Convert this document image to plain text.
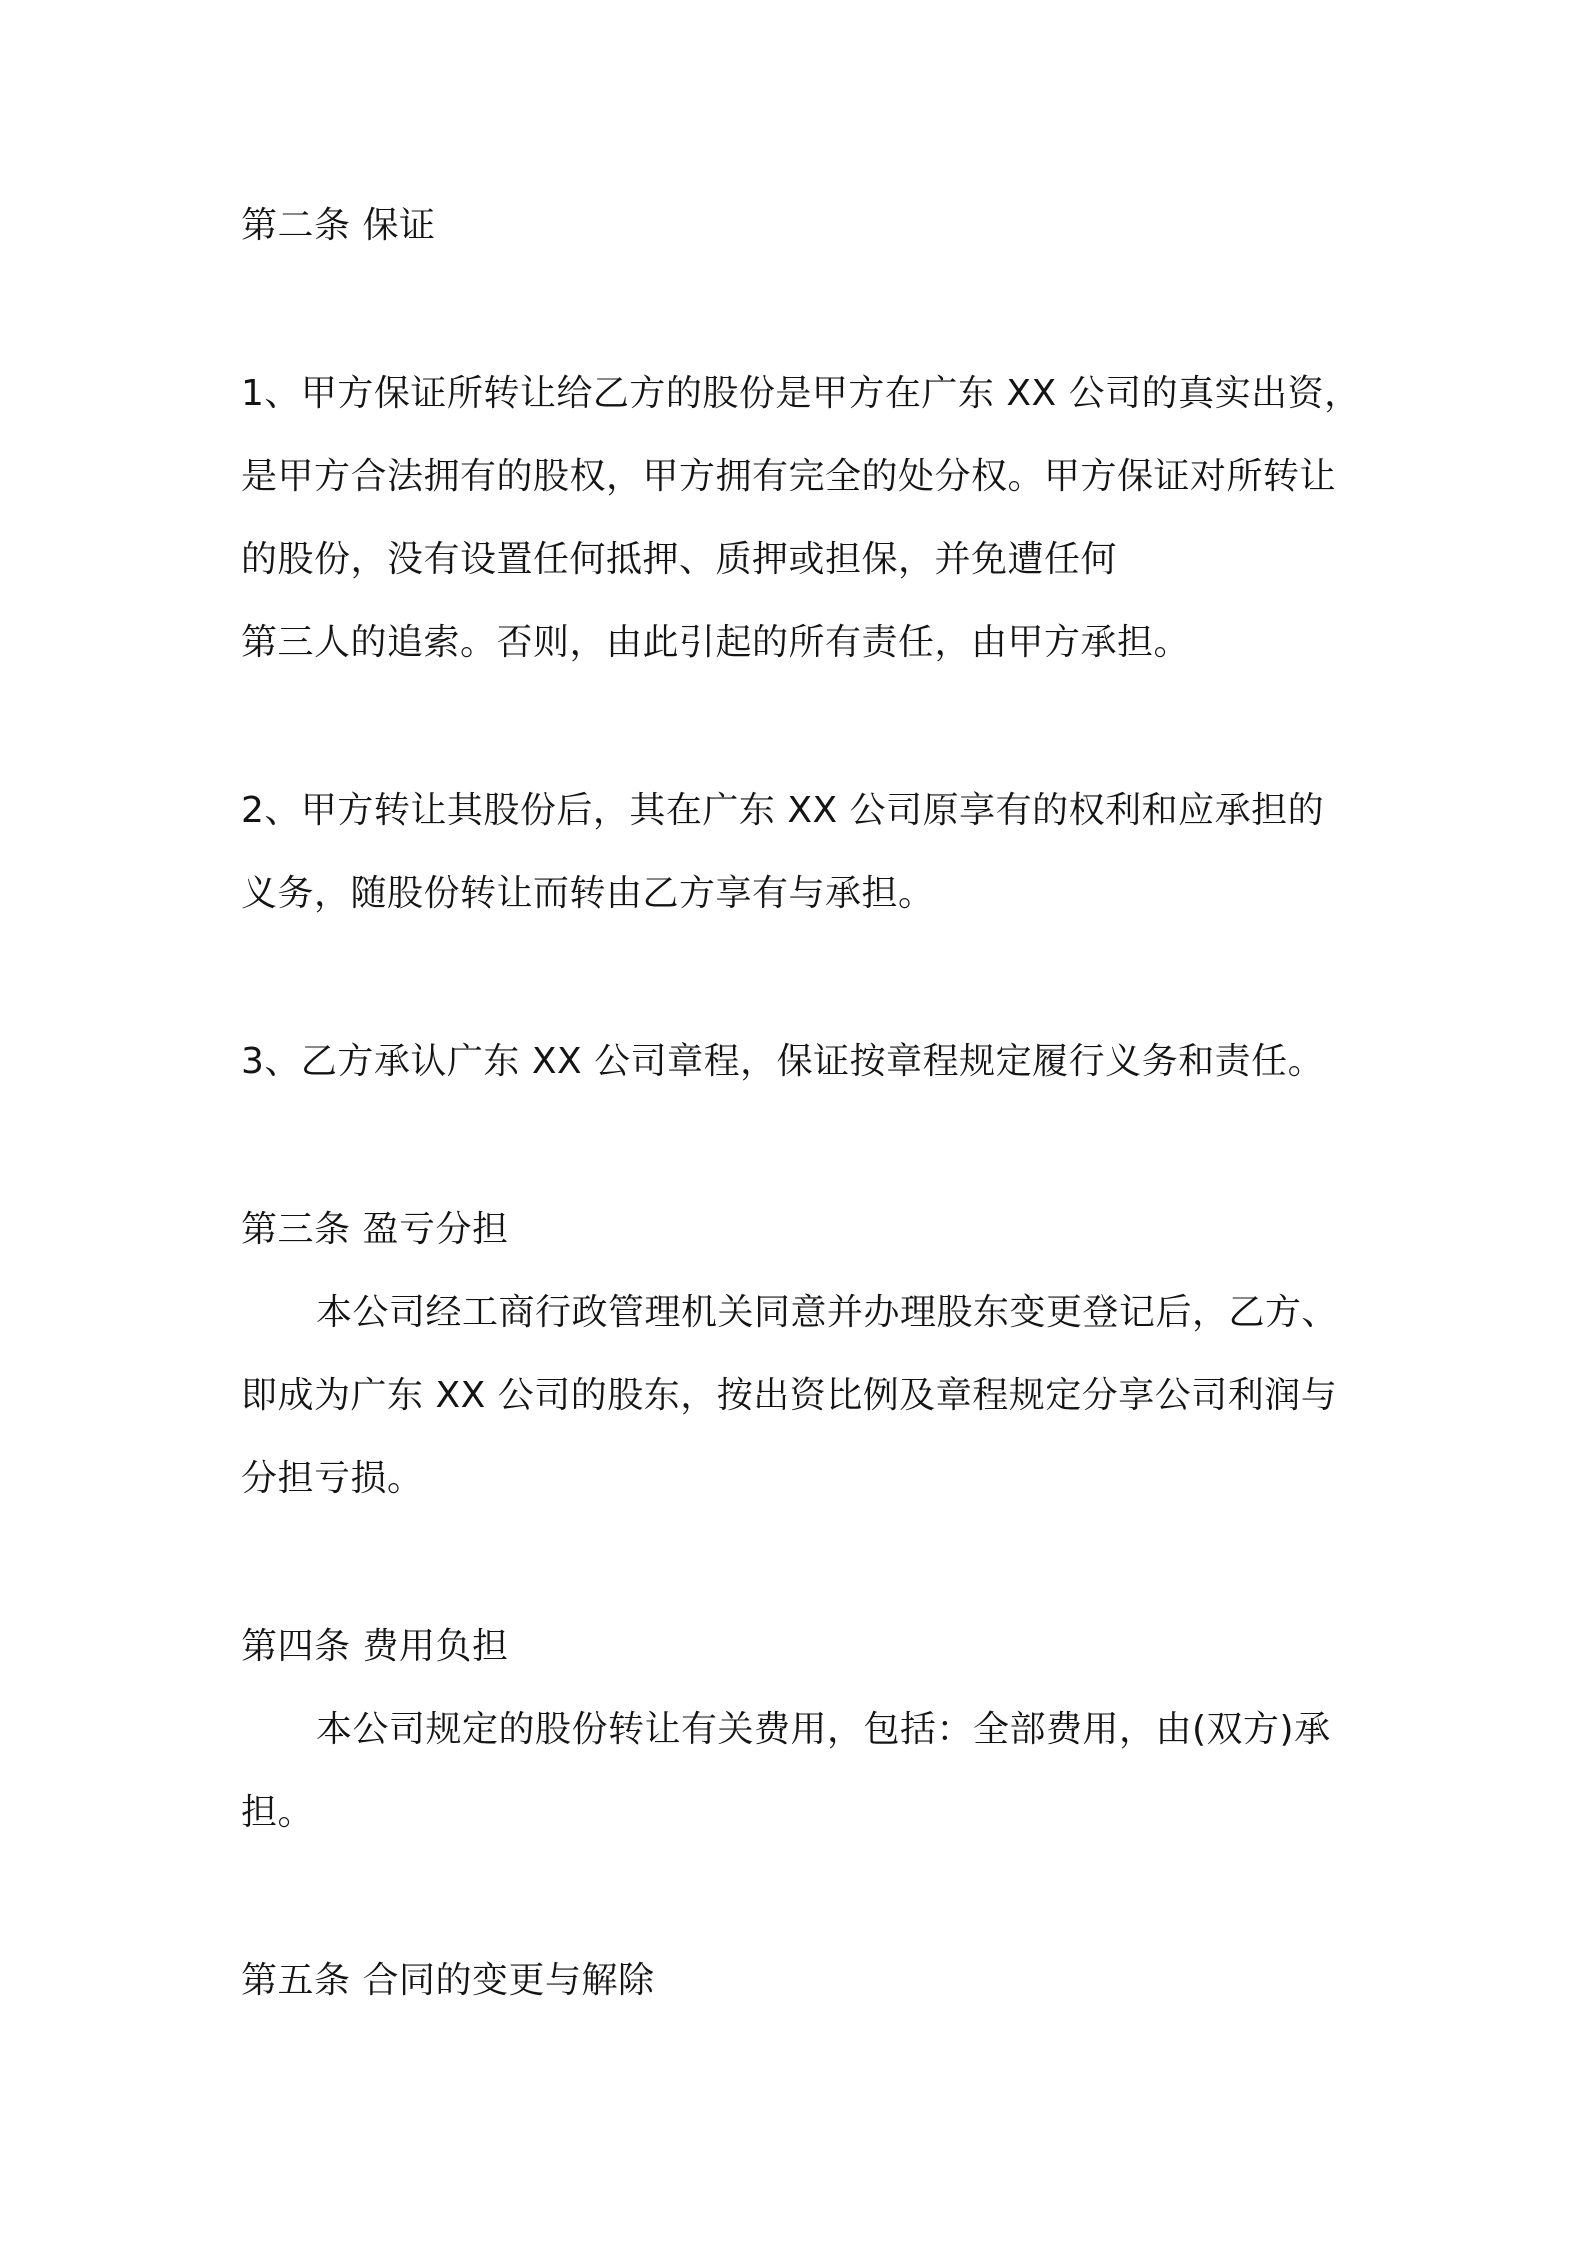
第二条 保证
1、甲方保证所转让给乙方的股份是甲方在广东 XX 公司的真实出资，
是甲方合法拥有的股权，甲方拥有完全的处分权。甲方保证对所转让
的股份，没有设置任何抵押、质押或担保，并免遭任何
第三人的追索。否则，由此引起的所有责任，由甲方承担。
2、甲方转让其股份后，其在广东 XX 公司原享有的权利和应承担的
义务，随股份转让而转由乙方享有与承担。
3、乙方承认广东 XX 公司章程，保证按章程规定履行义务和责任。
第三条 盈亏分担
本公司经工商行政管理机关同意并办理股东变更登记后，乙方、
即成为广东 XX 公司的股东，按出资比例及章程规定分享公司利润与
分担亏损。
第四条 费用负担
本公司规定的股份转让有关费用，包括：全部费用，由(双方)承
担。
第五条 合同的变更与解除
